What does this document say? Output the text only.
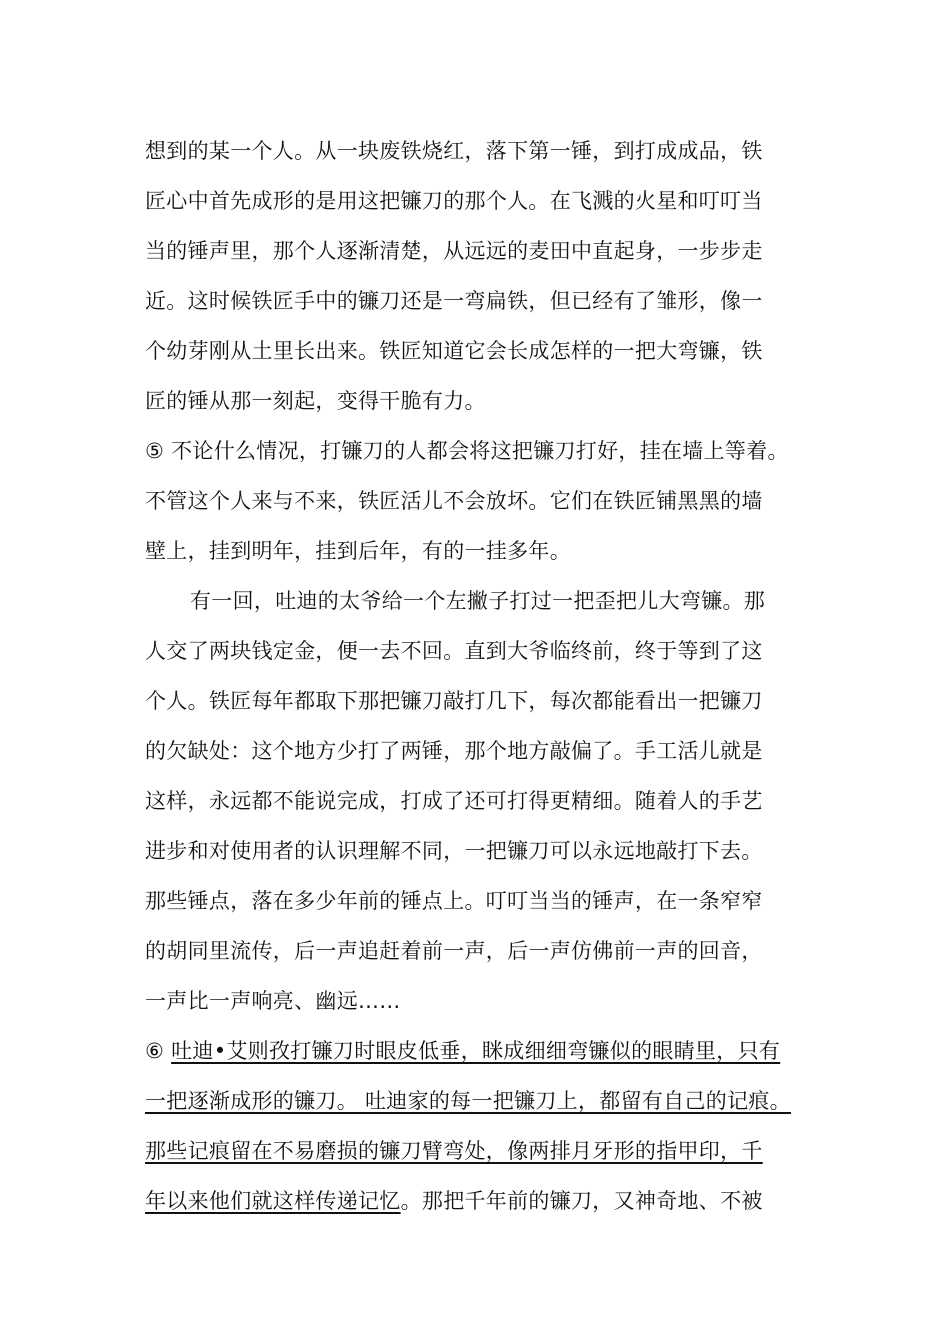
想到的某一个人。从一块废铁烧红，落下第一锤，到打成成品，铁
匠心中首先成形的是用这把镰刀的那个人。在飞溅的火星和叮叮当
当的锤声里，那个人逐渐清楚，从远远的麦田中直起身，一步步走
近。这时候铁匠手中的镰刀还是一弯扁铁，但已经有了雏形，像一
个幼芽刚从土里长出来。铁匠知道它会长成怎样的一把大弯镰，铁
匠的锤从那一刻起，变得干脆有力。
⑤ 不论什么情况，打镰刀的人都会将这把镰刀打好，挂在墙上等着。
不管这个人来与不来，铁匠活儿不会放坏。它们在铁匠铺黑黑的墙
壁上，挂到明年，挂到后年，有的一挂多年。
有一回，吐迪的太爷给一个左撇子打过一把歪把儿大弯镰。那
人交了两块钱定金，便一去不回。直到大爷临终前，终于等到了这
个人。铁匠每年都取下那把镰刀敲打几下，每次都能看出一把镰刀
的欠缺处：这个地方少打了两锤，那个地方敲偏了。手工活儿就是
这样，永远都不能说完成，打成了还可打得更精细。随着人的手艺
进步和对使用者的认识理解不同，一把镰刀可以永远地敲打下去。
那些锤点，落在多少年前的锤点上。叮叮当当的锤声，在一条窄窄
的胡同里流传，后一声追赶着前一声，后一声仿佛前一声的回音，
一声比一声响亮、幽远……
⑥ 吐迪•艾则孜打镰刀时眼皮低垂，眯成细细弯镰似的眼睛里，只有
一把逐渐成形的镰刀。 吐迪家的每一把镰刀上，都留有自己的记痕。
那些记痕留在不易磨损的镰刀臂弯处，像两排月牙形的指甲印，千
年以来他们就这样传递记忆。那把千年前的镰刀，又神奇地、不被
